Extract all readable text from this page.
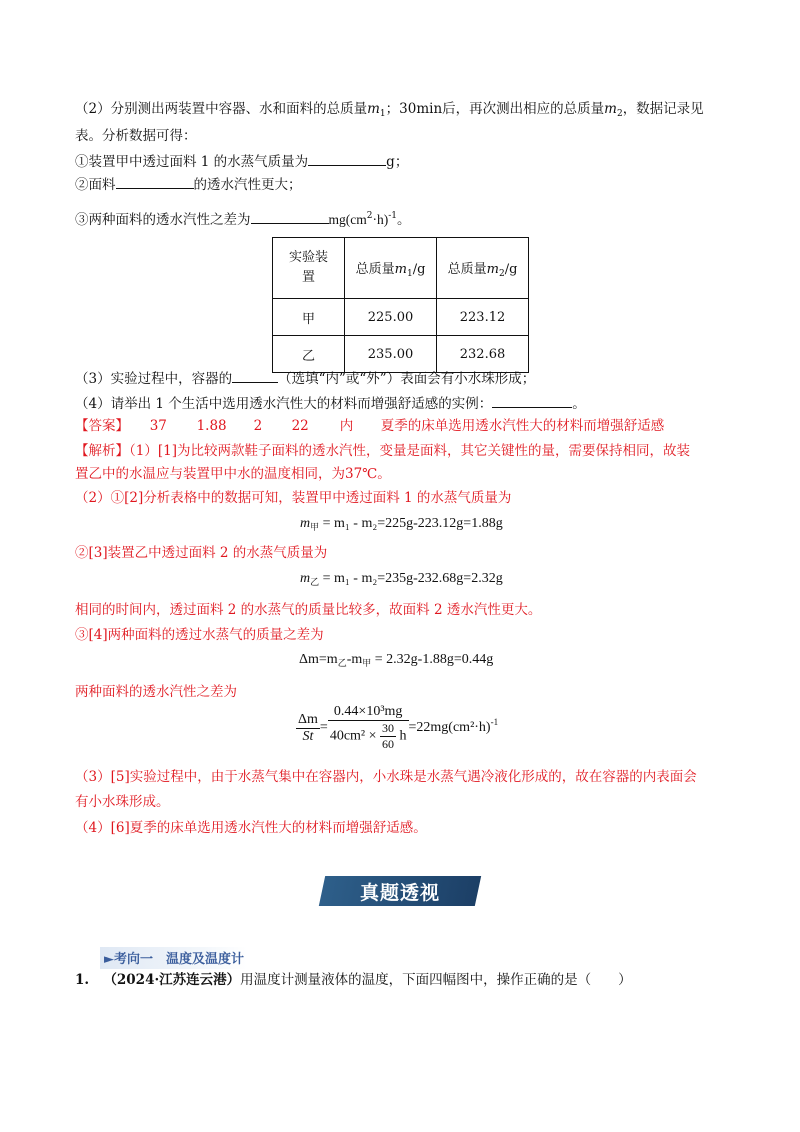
（2）分别测出两装置中容器、水和面料的总质量$m_1$；30min后，再次测出相应的总质量$m_2$，数据记录见
表。分析数据可得：
①装置甲中透过面料 1 的水蒸气质量为	g；
②面料	的透水汽性更大；
③两种面料的透水汽性之差为	$mg(cm^2\cdot h)^{-1}$。
实验装
置	总质量$m_1/g$	总质量$m_2/g$
甲	225.00	223.12
乙	235.00	232.68
（3）实验过程中，容器的	（选填“内”或“外”）表面会有小水珠形成；
（4）请举出 1 个生活中选用透水汽性大的材料而增强舒适感的实例：	。
【答案】 37 1.88 2 22 内 夏季的床单选用透水汽性大的材料而增强舒适感
【解析】（1）[1]为比较两款鞋子面料的透水汽性，变量是面料，其它关键性的量，需要保持相同，故装
置乙中的水温应与装置甲中水的温度相同，为37℃。
（2）①[2]分析表格中的数据可知，装置甲中透过面料 1 的水蒸气质量为
$m_甲 = m_1 - m_2=225g-223.12g=1.88g$
②[3]装置乙中透过面料 2 的水蒸气质量为
$m_乙 = m_1 - m_2=235g-232.68g=2.32g$
相同的时间内，透过面料 2 的水蒸气的质量比较多，故面料 2 透水汽性更大。
③[4]两种面料的透过水蒸气的质量之差为
$\Delta m=m_乙-m_甲 = 2.32g-1.88g=0.44g$
两种面料的透水汽性之差为
$\frac{\Delta m}{St} = \frac{\text{0.44×10³mg}}{40cm^2 \times \frac{30}{60} h} =22mg(cm^2\cdot h)^{-1}$
（3）[5]实验过程中，由于水蒸气集中在容器内，小水珠是水蒸气遇冷液化形成的，故在容器的内表面会
有小水珠形成。
（4）[6]夏季的床单选用透水汽性大的材料而增强舒适感。
真题透视
►考向一　温度及温度计
1. （2024·江苏连云港）用温度计测量液体的温度，下面四幅图中，操作正确的是（　　）
